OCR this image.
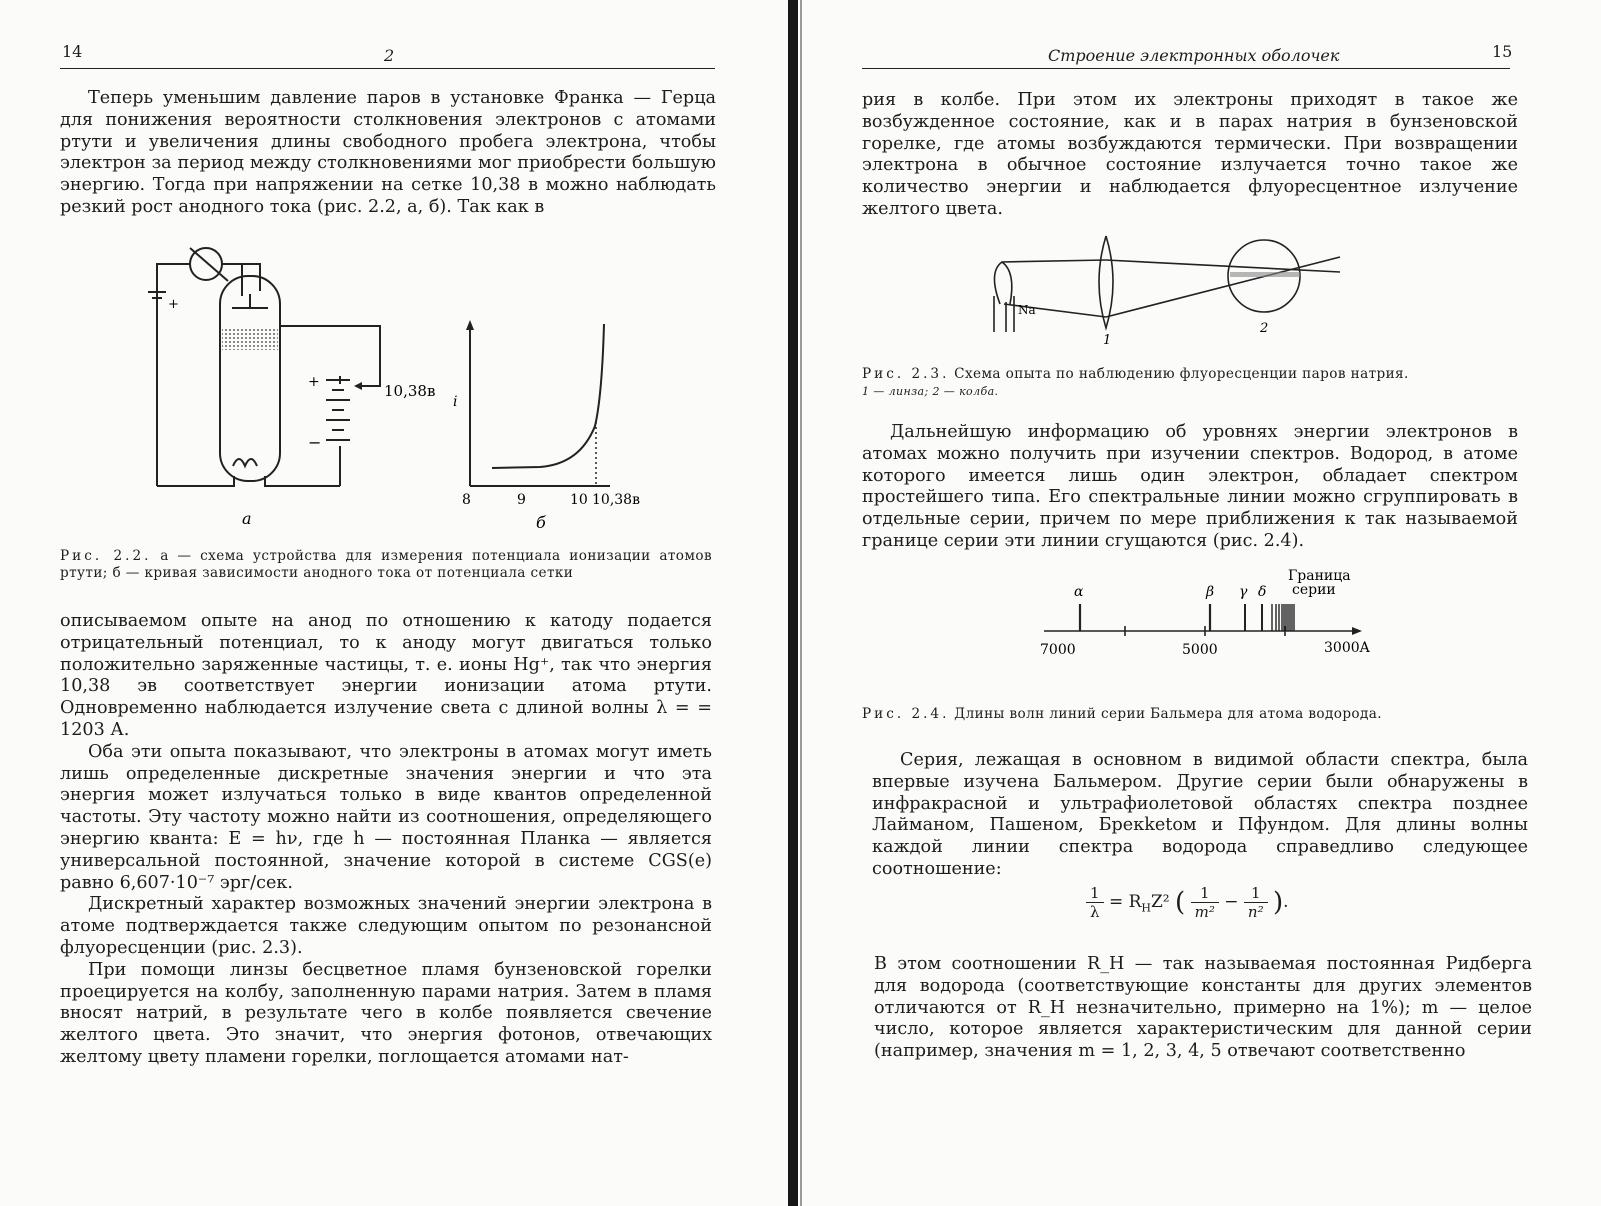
14	2

Теперь уменьшим давление паров в установке Франка — Герца для понижения вероятности столкновения электронов с атомами ртути и увеличения длины свободного пробега электрона, чтобы электрон за период между столкновениями мог приобрести большую энергию. Тогда при напряжении на сетке 10,38 в можно наблюдать резкий рост анодного тока (рис. 2.2, а, б). Так как в

+
+
−
10,38в
i
8	9	10 10,38в
а	б
Рис. 2.2. а — схема устройства для измерения потенциала ионизации атомов ртути; б — кривая зависимости анодного тока от потенциала сетки

описываемом опыте на анод по отношению к катоду подается отрицательный потенциал, то к аноду могут двигаться только положительно заряженные частицы, т. е. ионы Hg⁺, так что энергия 10,38 эв соответствует энергии ионизации атома ртути. Одновременно наблюдается излучение света с длиной волны λ = = 1203 А.

Оба эти опыта показывают, что электроны в атомах могут иметь лишь определенные дискретные значения энергии и что эта энергия может излучаться только в виде квантов определенной частоты. Эту частоту можно найти из соотношения, определяющего энергию кванта: E = hν, где h — постоянная Планка — является универсальной постоянной, значение которой в системе CGS(e) равно 6,607·10⁻⁷ эрг/сек.

Дискретный характер возможных значений энергии электрона в атоме подтверждается также следующим опытом по резонансной флуоресценции (рис. 2.3).

При помощи линзы бесцветное пламя бунзеновской горелки проецируется на колбу, заполненную парами натрия. Затем в пламя вносят натрий, в результате чего в колбе появляется свечение желтого цвета. Это значит, что энергия фотонов, отвечающих желтому цвету пламени горелки, поглощается атомами нат-

Строение электронных оболочек	15

рия в колбе. При этом их электроны приходят в такое же возбужденное состояние, как и в парах натрия в бунзеновской горелке, где атомы возбуждаются термически. При возвращении электрона в обычное состояние излучается точно такое же количество энергии и наблюдается флуоресцентное излучение желтого цвета.

Na
1
2
Рис. 2.3. Схема опыта по наблюдению флуоресценции паров натрия.
1 — линза; 2 — колба.

Дальнейшую информацию об уровнях энергии электронов в атомах можно получить при изучении спектров. Водород, в атоме которого имеется лишь один электрон, обладает спектром простейшего типа. Его спектральные линии можно сгруппировать в отдельные серии, причем по мере приближения к так называемой границе серии эти линии сгущаются (рис. 2.4).

α	β γ δ
Граница
серии
7000	5000	3000A
Рис. 2.4. Длины волн линий серии Бальмера для атома водорода.

Серия, лежащая в основном в видимой области спектра, была впервые изучена Бальмером. Другие серии были обнаружены в инфракрасной и ультрафиолетовой областях спектра позднее Лайманом, Пашеном, Брекketом и Пфундом. Для длины волны каждой линии спектра водорода справедливо следующее соотношение:

$\frac{1}{\lambda} = R_HZ^2$ ( $\frac{1}{\text{m²}} - \frac{1}{\text{n²}}$ ).

В этом соотношении R_H — так называемая постоянная Ридберга для водорода (соответствующие константы для других элементов отличаются от R_H незначительно, примерно на 1%); m — целое число, которое является характеристическим для данной серии (например, значения m = 1, 2, 3, 4, 5 отвечают соответственно
